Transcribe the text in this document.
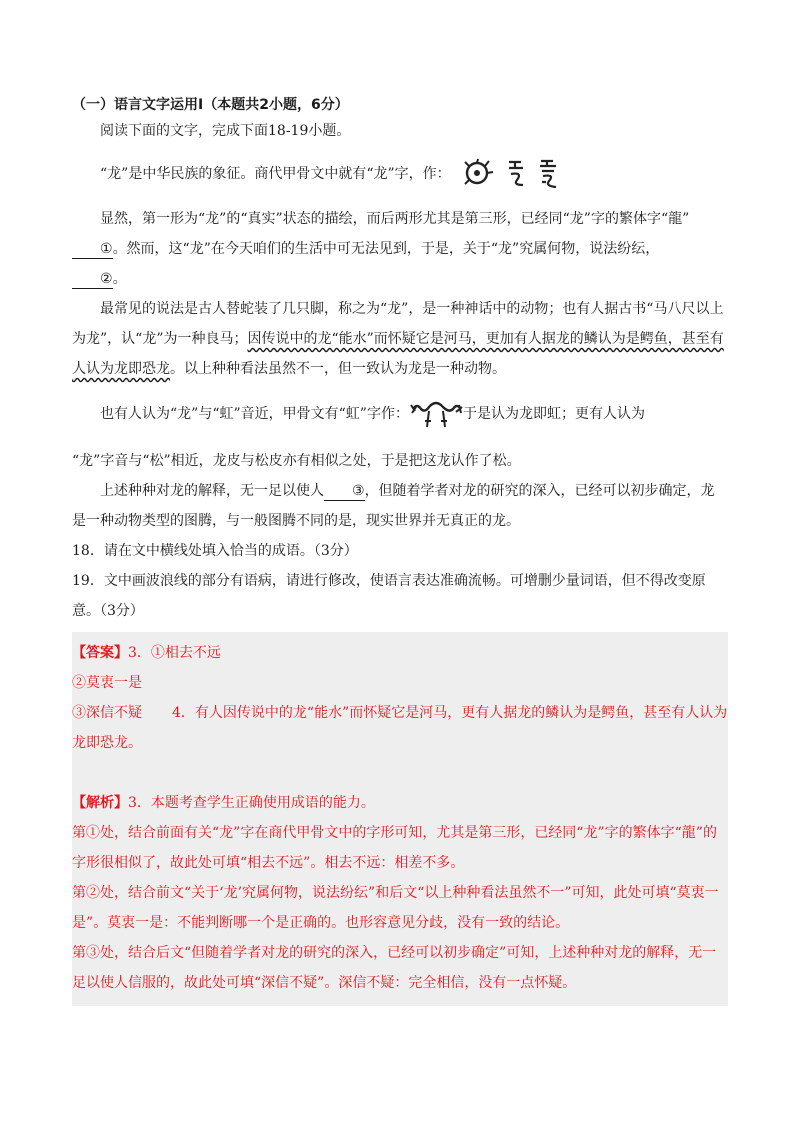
（一）语言文字运用Ⅰ（本题共2小题，6分）

阅读下面的文字，完成下面18-19小题。

“龙”是中华民族的象征。商代甲骨文中就有“龙”字，作：

显然，第一形为“龙”的“真实”状态的描绘，而后两形尤其是第三形，已经同“龙”字的繁体字“龍”①。然而，这“龙”在今天咱们的生活中可无法见到，于是，关于“龙”究属何物，说法纷纭，
②。

最常见的说法是古人替蛇装了几只脚，称之为“龙”，是一种神话中的动物；也有人据古书“马八尺以上为龙”，认“龙”为一种良马；因传说中的龙“能水”而怀疑它是河马，更加有人据龙的鳞认为是鳄鱼，甚至有人认为龙即恐龙。以上种种看法虽然不一，但一致认为龙是一种动物。

也有人认为“龙”与“虹”音近，甲骨文有“虹”字作：	于是认为龙即虹；更有人认为

“龙”字音与“松”相近，龙皮与松皮亦有相似之处，于是把这龙认作了松。

上述种种对龙的解释，无一足以使人 ③，但随着学者对龙的研究的深入，已经可以初步确定，龙是一种动物类型的图腾，与一般图腾不同的是，现实世界并无真正的龙。

18．请在文中横线处填入恰当的成语。（3分）

19．文中画波浪线的部分有语病，请进行修改，使语言表达准确流畅。可增删少量词语，但不得改变原意。（3分）

【答案】3．①相去不远

②莫衷一是

③深信不疑 4．有人因传说中的龙“能水”而怀疑它是河马，更有人据龙的鳞认为是鳄鱼，甚至有人认为龙即恐龙。

【解析】3．本题考查学生正确使用成语的能力。

第①处，结合前面有关“龙”字在商代甲骨文中的字形可知，尤其是第三形，已经同“龙”字的繁体字“龍”的字形很相似了，故此处可填“相去不远”。相去不远：相差不多。

第②处，结合前文“关于‘龙’究属何物，说法纷纭”和后文“以上种种看法虽然不一”可知，此处可填“莫衷一是”。莫衷一是：不能判断哪一个是正确的。也形容意见分歧，没有一致的结论。

第③处，结合后文“但随着学者对龙的研究的深入，已经可以初步确定”可知，上述种种对龙的解释，无一足以使人信服的，故此处可填“深信不疑”。深信不疑：完全相信，没有一点怀疑。
